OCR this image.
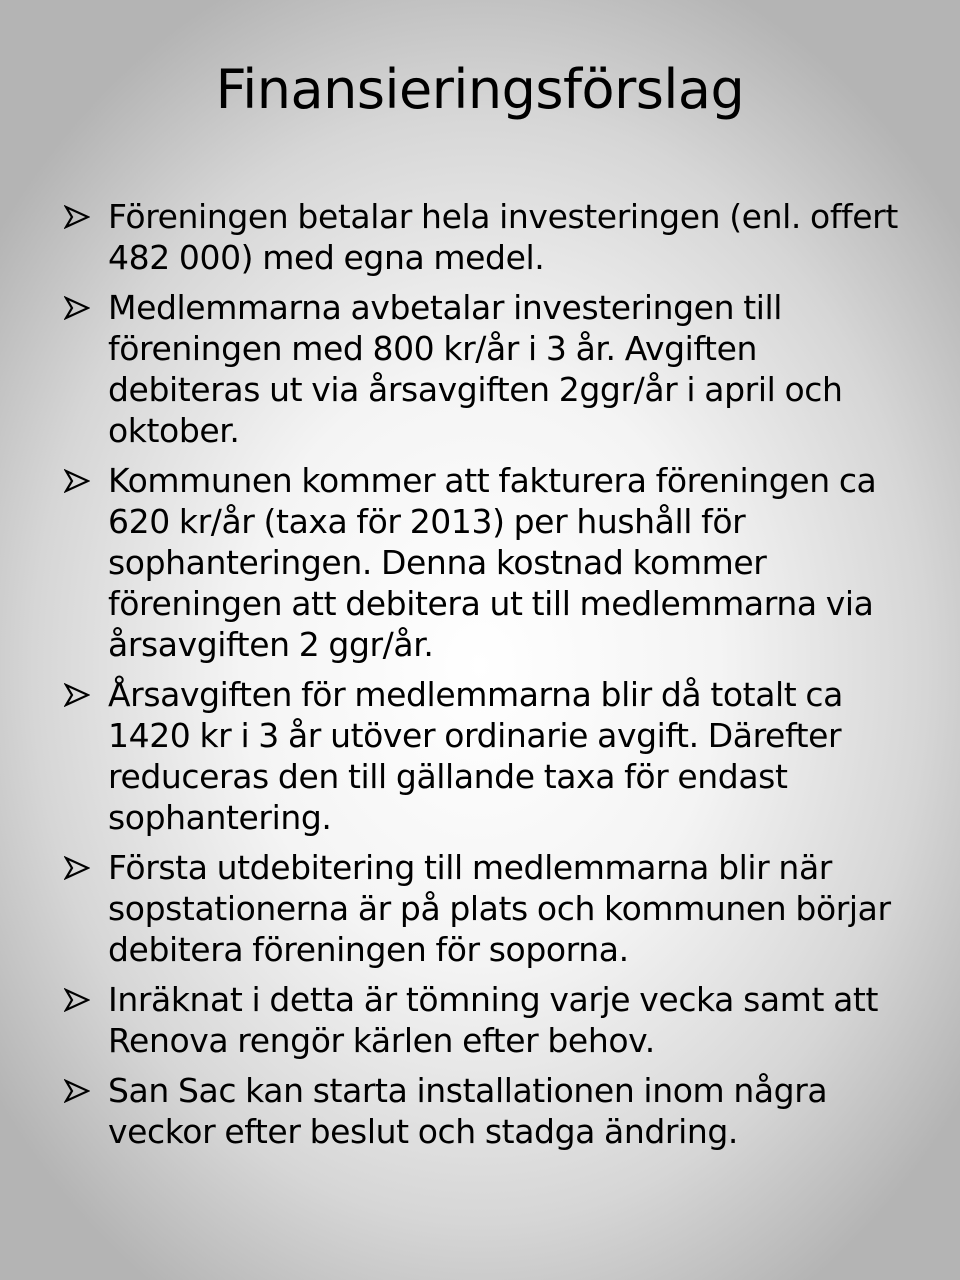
Finansieringsförslag
Föreningen betalar hela investeringen (enl. offert 482 000) med egna medel.
Medlemmarna avbetalar investeringen till föreningen med 800 kr/år i 3 år. Avgiften debiteras ut via årsavgiften 2ggr/år i april och oktober.
Kommunen kommer att fakturera föreningen ca 620 kr/år (taxa för 2013) per hushåll för sophanteringen. Denna kostnad kommer föreningen att debitera ut till medlemmarna via årsavgiften 2 ggr/år.
Årsavgiften för medlemmarna blir då totalt ca 1420 kr i 3 år utöver ordinarie avgift. Därefter reduceras den till gällande taxa för endast sophantering.
Första utdebitering till medlemmarna blir när sopstationerna är på plats och kommunen börjar debitera föreningen för soporna.
Inräknat i detta är tömning varje vecka samt att Renova rengör kärlen efter behov.
San Sac kan starta installationen inom några veckor efter beslut och stadga ändring.
